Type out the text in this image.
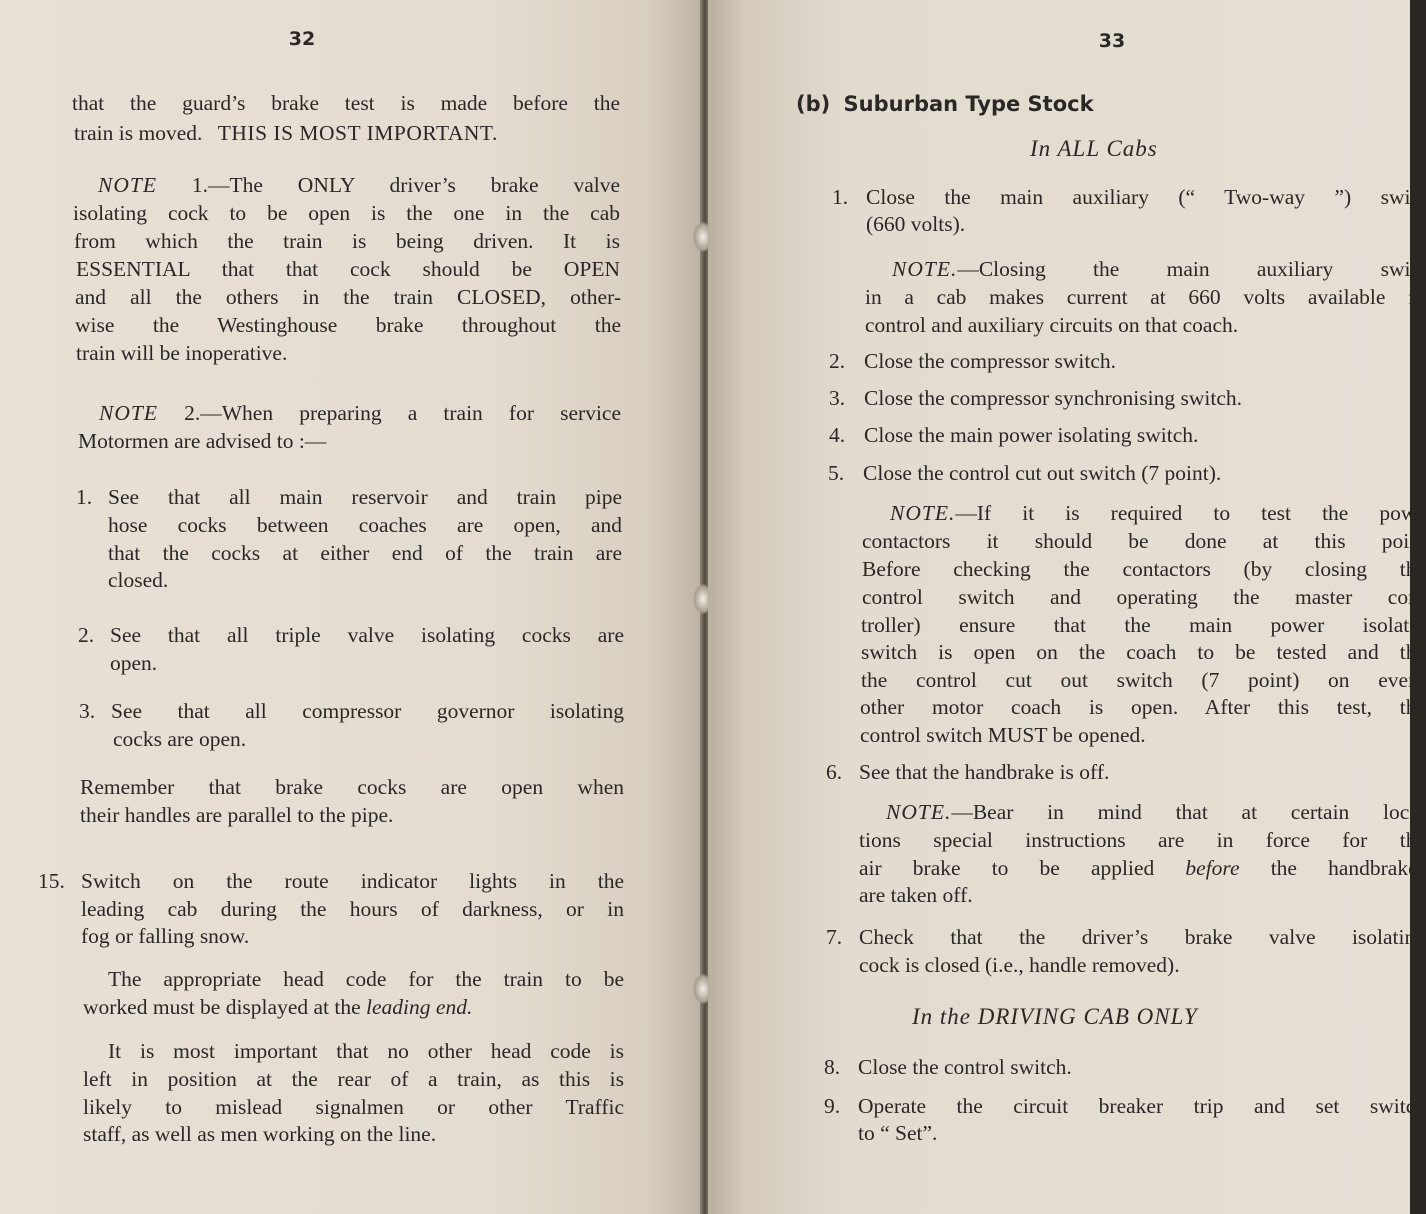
32

that the guard’s brake test is made before the

train is moved. THIS IS MOST IMPORTANT.

NOTE 1.—The ONLY driver’s brake valve

isolating cock to be open is the one in the cab

from which the train is being driven. It is

ESSENTIAL that that cock should be OPEN

and all the others in the train CLOSED, other-

wise the Westinghouse brake throughout the

train will be inoperative.

NOTE 2.—When preparing a train for service

Motormen are advised to :—

1. See that all main reservoir and train pipe

hose cocks between coaches are open, and

that the cocks at either end of the train are

closed.

2. See that all triple valve isolating cocks are

open.

3. See that all compressor governor isolating

cocks are open.

Remember that brake cocks are open when

their handles are parallel to the pipe.

15. Switch on the route indicator lights in the

leading cab during the hours of darkness, or in

fog or falling snow.

The appropriate head code for the train to be

worked must be displayed at the leading end.

It is most important that no other head code is

left in position at the rear of a train, as this is

likely to mislead signalmen or other Traffic

staff, as well as men working on the line.

33
(b) Suburban Type Stock
In ALL Cabs
1. Close the main auxiliary (“ Two-way ”) switc

(660 volts).

NOTE.—Closing the main auxiliary switc

in a cab makes current at 660 volts available fo

control and auxiliary circuits on that coach.

2. Close the compressor switch.

3. Close the compressor synchronising switch.

4. Close the main power isolating switch.

5. Close the control cut out switch (7 point).

NOTE.—If it is required to test the powe

contactors it should be done at this point

Before checking the contactors (by closing the

control switch and operating the master con-

troller) ensure that the main power isolatin

switch is open on the coach to be tested and tha

the control cut out switch (7 point) on every

other motor coach is open. After this test, the

control switch MUST be opened.

6. See that the handbrake is off.

NOTE.—Bear in mind that at certain loca-

tions special instructions are in force for the

air brake to be applied before the handbrakes

are taken off.

7. Check that the driver’s brake valve isolating

cock is closed (i.e., handle removed).

In the DRIVING CAB ONLY
8. Close the control switch.

9. Operate the circuit breaker trip and set switch

to “ Set”.
